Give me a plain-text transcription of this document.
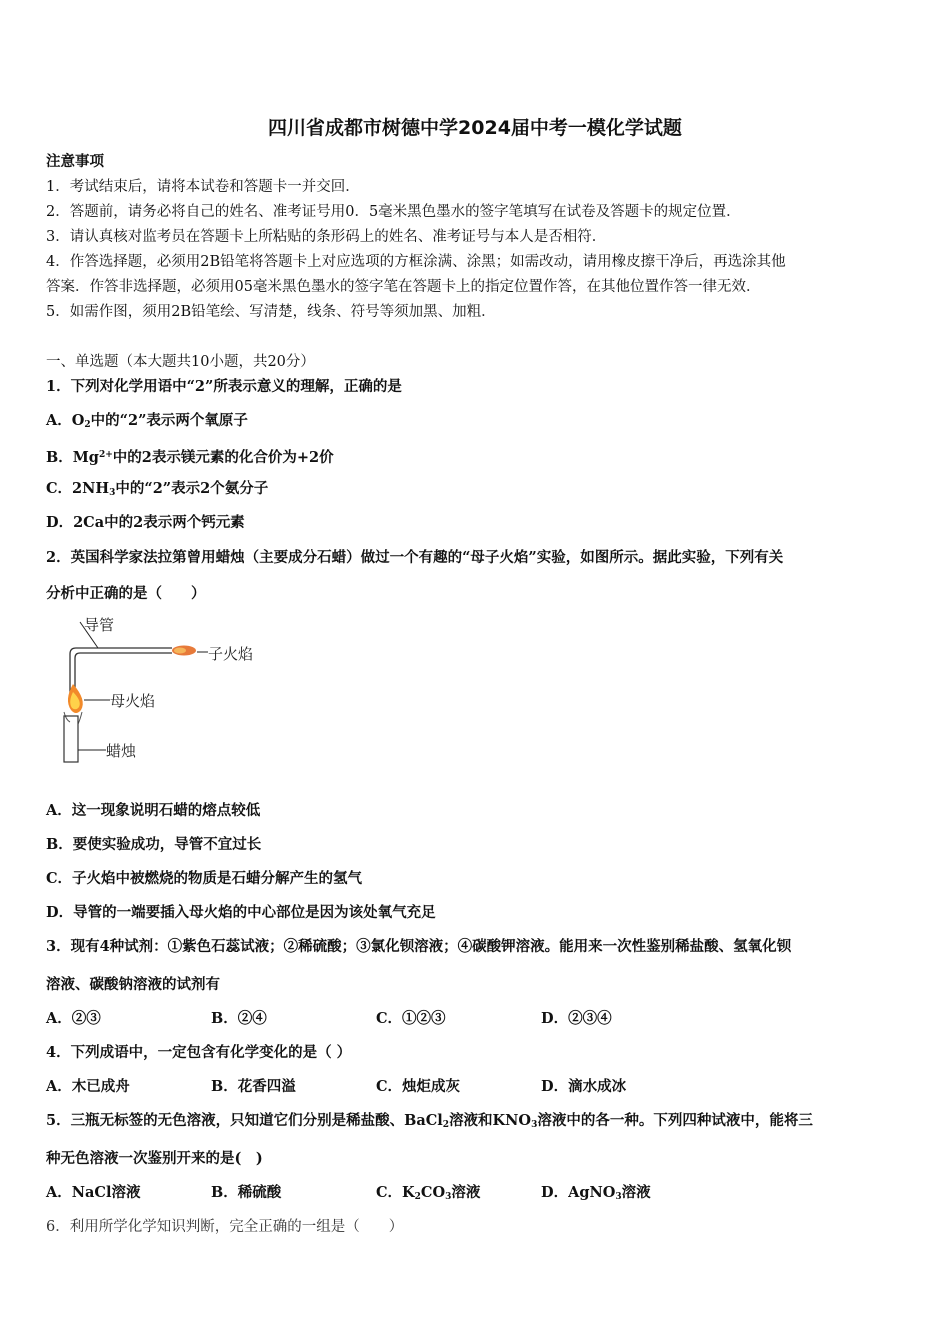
四川省成都市树德中学2024届中考一模化学试题
注意事项
1．考试结束后，请将本试卷和答题卡一并交回．
2．答题前，请务必将自己的姓名、准考证号用0．5毫米黑色墨水的签字笔填写在试卷及答题卡的规定位置．
3．请认真核对监考员在答题卡上所粘贴的条形码上的姓名、准考证号与本人是否相符．
4．作答选择题，必须用2B铅笔将答题卡上对应选项的方框涂满、涂黑；如需改动，请用橡皮擦干净后，再选涂其他
答案．作答非选择题，必须用05毫米黑色墨水的签字笔在答题卡上的指定位置作答，在其他位置作答一律无效．
5．如需作图，须用2B铅笔绘、写清楚，线条、符号等须加黑、加粗．
一、单选题（本大题共10小题，共20分）
1．下列对化学用语中“2”所表示意义的理解，正确的是
A．$O_2$中的“2”表示两个氧原子
B．$Mg^{2+}$中的2表示镁元素的化合价为+2价
C．$2NH_3$中的“2”表示2个氨分子
D．2Ca中的2表示两个钙元素
2．英国科学家法拉第曾用蜡烛（主要成分石蜡）做过一个有趣的“母子火焰”实验，如图所示。据此实验，下列有关
分析中正确的是（　　）
导管
子火焰
母火焰
蜡烛
A．这一现象说明石蜡的熔点较低
B．要使实验成功，导管不宜过长
C．子火焰中被燃烧的物质是石蜡分解产生的氢气
D．导管的一端要插入母火焰的中心部位是因为该处氧气充足
3．现有4种试剂：①紫色石蕊试液；②稀硫酸；③氯化钡溶液；④碳酸钾溶液。能用来一次性鉴别稀盐酸、氢氧化钡
溶液、碳酸钠溶液的试剂有
A．②③	B．②④	C．①②③	D．②③④
4．下列成语中，一定包含有化学变化的是（ ）
A．木已成舟	B．花香四溢	C．烛炬成灰	D．滴水成冰
5．三瓶无标签的无色溶液，只知道它们分别是稀盐酸、BaCl$_2$溶液和$KNO_3$溶液中的各一种。下列四种试液中，能将三
种无色溶液一次鉴别开来的是(　)
A．NaCl溶液	B．稀硫酸	C．$K_2CO_3$溶液	D．AgNO$_3$溶液
6．利用所学化学知识判断，完全正确的一组是（　　）
